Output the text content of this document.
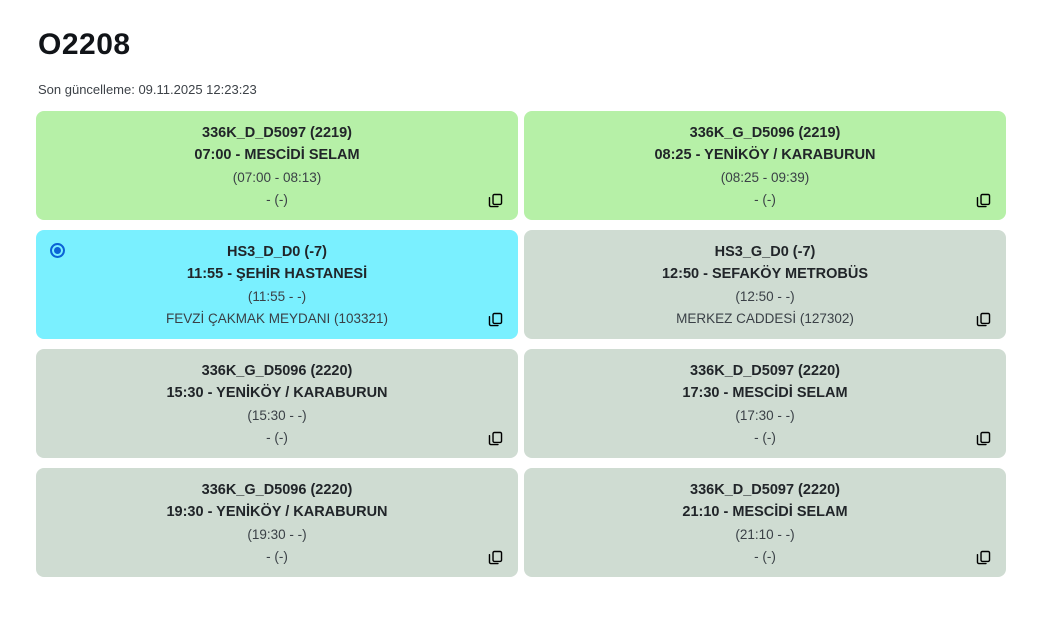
O2208
Son güncelleme: 09.11.2025 12:23:23
336K_D_D5097 (2219)
07:00 - MESCİDİ SELAM
(07:00 - 08:13)
- (-)
336K_G_D5096 (2219)
08:25 - YENİKÖY / KARABURUN
(08:25 - 09:39)
- (-)
HS3_D_D0 (-7)
11:55 - ŞEHİR HASTANESİ
(11:55 - -)
FEVZİ ÇAKMAK MEYDANI (103321)
HS3_G_D0 (-7)
12:50 - SEFAKÖY METROBÜS
(12:50 - -)
MERKEZ CADDESİ (127302)
336K_G_D5096 (2220)
15:30 - YENİKÖY / KARABURUN
(15:30 - -)
- (-)
336K_D_D5097 (2220)
17:30 - MESCİDİ SELAM
(17:30 - -)
- (-)
336K_G_D5096 (2220)
19:30 - YENİKÖY / KARABURUN
(19:30 - -)
- (-)
336K_D_D5097 (2220)
21:10 - MESCİDİ SELAM
(21:10 - -)
- (-)
